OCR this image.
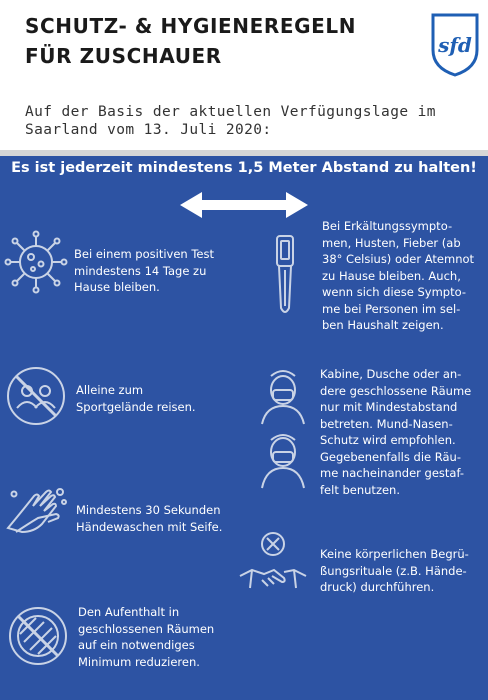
SCHUTZ- & HYGIENEREGELN
FÜR ZUSCHAUER	sfd
Auf der Basis der aktuellen Verfügungslage im
Saarland vom 13. Juli 2020:
Es ist jederzeit mindestens 1,5 Meter Abstand zu halten!
Bei einem positiven Test
mindestens 14 Tage zu
Hause bleiben.
Bei Erkältungssympto-
men, Husten, Fieber (ab
38° Celsius) oder Atemnot
zu Hause bleiben. Auch,
wenn sich diese Sympto-
me bei Personen im sel-
ben Haushalt zeigen.
Alleine zum
Sportgelände reisen.
Kabine, Dusche oder an-
dere geschlossene Räume
nur mit Mindestabstand
betreten. Mund-Nasen-
Schutz wird empfohlen.
Gegebenenfalls die Räu-
me nacheinander gestaf-
felt benutzen.
Mindestens 30 Sekunden
Händewaschen mit Seife.
Keine körperlichen Begrü-
ßungsrituale (z.B. Hände-
druck) durchführen.
Den Aufenthalt in
geschlossenen Räumen
auf ein notwendiges
Minimum reduzieren.
